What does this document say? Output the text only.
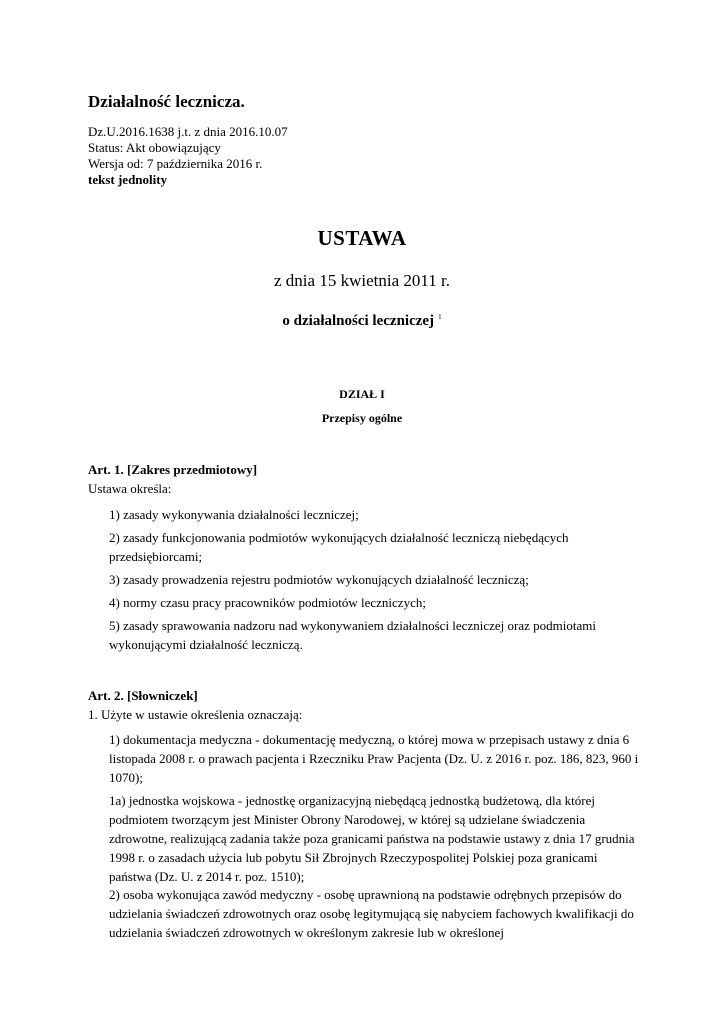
Działalność lecznicza.

Dz.U.2016.1638 j.t. z dnia 2016.10.07

Status: Akt obowiązujący

Wersja od: 7 października 2016 r.

tekst jednolity

USTAWA

z dnia 15 kwietnia 2011 r.

o działalności leczniczej $^1$

DZIAŁ I

Przepisy ogólne

Art. 1. [Zakres przedmiotowy]

Ustawa określa:

1) zasady wykonywania działalności leczniczej;

2) zasady funkcjonowania podmiotów wykonujących działalność leczniczą niebędących przedsiębiorcami;

3) zasady prowadzenia rejestru podmiotów wykonujących działalność leczniczą;

4) normy czasu pracy pracowników podmiotów leczniczych;

5) zasady sprawowania nadzoru nad wykonywaniem działalności leczniczej oraz podmiotami wykonującymi działalność leczniczą.

Art. 2. [Słowniczek]

1. Użyte w ustawie określenia oznaczają:

1) dokumentacja medyczna - dokumentację medyczną, o której mowa w przepisach ustawy z dnia 6 listopada 2008 r. o prawach pacjenta i Rzeczniku Praw Pacjenta (Dz. U. z 2016 r. poz. 186, 823, 960 i 1070);

1a) jednostka wojskowa - jednostkę organizacyjną niebędącą jednostką budżetową, dla której podmiotem tworzącym jest Minister Obrony Narodowej, w której są udzielane świadczenia zdrowotne, realizującą zadania także poza granicami państwa na podstawie ustawy z dnia 17 grudnia 1998 r. o zasadach użycia lub pobytu Sił Zbrojnych Rzeczypospolitej Polskiej poza granicami państwa (Dz. U. z 2014 r. poz. 1510);

2) osoba wykonująca zawód medyczny - osobę uprawnioną na podstawie odrębnych przepisów do udzielania świadczeń zdrowotnych oraz osobę legitymującą się nabyciem fachowych kwalifikacji do udzielania świadczeń zdrowotnych w określonym zakresie lub w określonej
